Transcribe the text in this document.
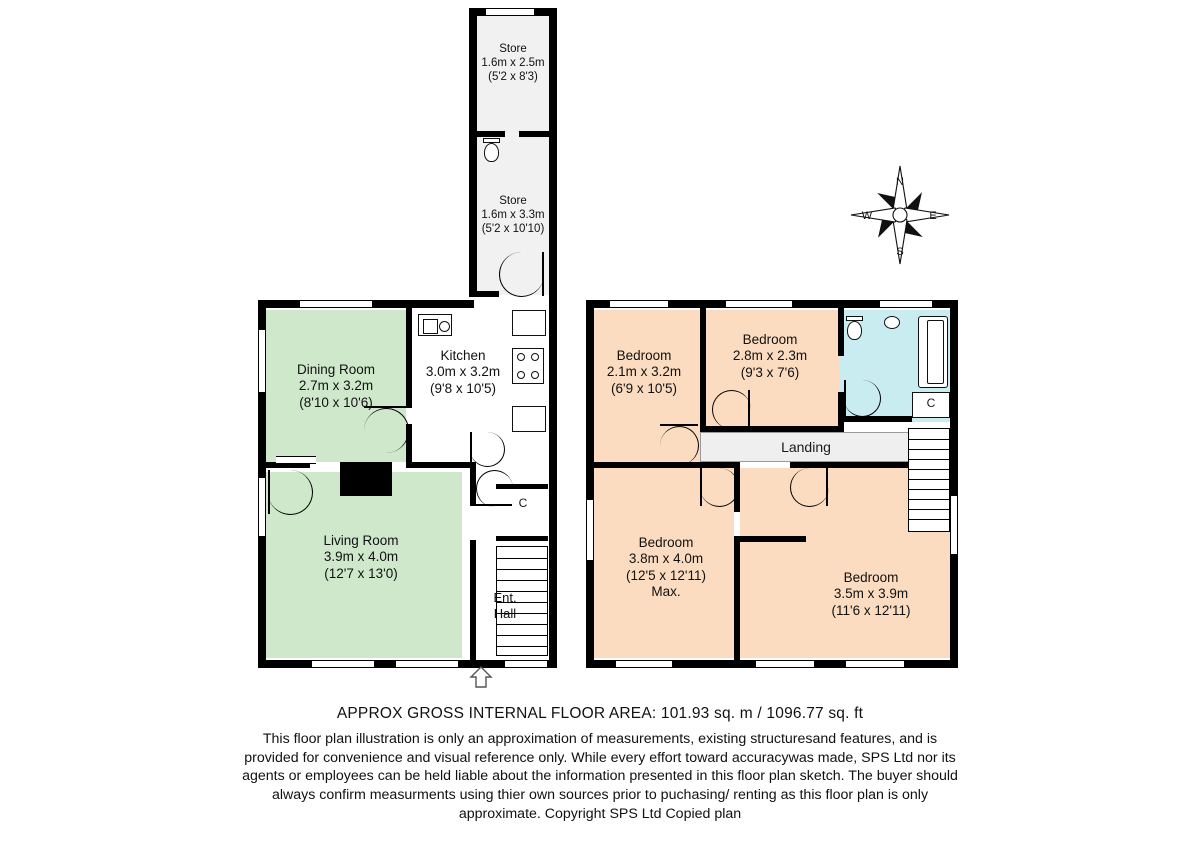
Store
1.6m x 2.5m
(5'2 x 8'3)
Store
1.6m x 3.3m
(5'2 x 10'10)
C
Dining Room
2.7m x 3.2m
(8'10 x 10'6)
Kitchen
3.0m x 3.2m
(9'8 x 10'5)
Living Room
3.9m x 4.0m
(12'7 x 13'0)
Ent.
Hall
Landing
C
Bedroom
2.1m x 3.2m
(6'9 x 10'5)
Bedroom
2.8m x 2.3m
(9'3 x 7'6)
Bedroom
3.8m x 4.0m
(12'5 x 12'11)
Max.
Bedroom
3.5m x 3.9m
(11'6 x 12'11)
N
E
S
W
APPROX GROSS INTERNAL FLOOR AREA: 101.93 sq. m / 1096.77 sq. ft
This floor plan illustration is only an approximation of measurements, existing structuresand features, and is provided for convenience and visual reference only. While every effort toward accuracywas made, SPS Ltd nor its agents or employees can be held liable about the information presented in this floor plan sketch. The buyer should always confirm measurments using thier own sources prior to puchasing/ renting as this floor plan is only approximate. Copyright SPS Ltd Copied plan
